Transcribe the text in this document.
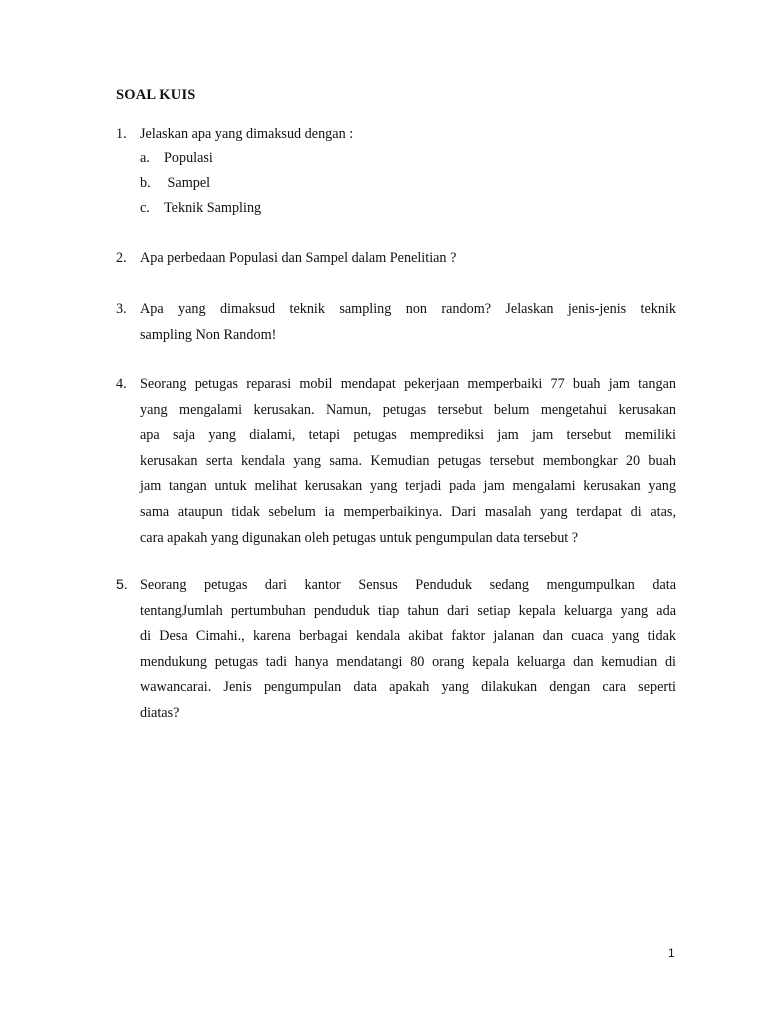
SOAL KUIS
1. Jelaskan apa yang dimaksud dengan :
a. Populasi
b. Sampel
c. Teknik Sampling
2. Apa perbedaan Populasi dan Sampel dalam Penelitian ?
3. Apa yang dimaksud teknik sampling non random? Jelaskan jenis-jenis teknik
sampling Non Random!
4. Seorang petugas reparasi mobil mendapat pekerjaan memperbaiki 77 buah jam tangan
yang mengalami kerusakan. Namun, petugas tersebut belum mengetahui kerusakan
apa saja yang dialami, tetapi petugas memprediksi jam jam tersebut memiliki
kerusakan serta kendala yang sama. Kemudian petugas tersebut membongkar 20 buah
jam tangan untuk melihat kerusakan yang terjadi pada jam mengalami kerusakan yang
sama ataupun tidak sebelum ia memperbaikinya. Dari masalah yang terdapat di atas,
cara apakah yang digunakan oleh petugas untuk pengumpulan data tersebut ?
5. Seorang petugas dari kantor Sensus Penduduk sedang mengumpulkan data
tentangJumlah pertumbuhan penduduk tiap tahun dari setiap kepala keluarga yang ada
di Desa Cimahi., karena berbagai kendala akibat faktor jalanan dan cuaca yang tidak
mendukung petugas tadi hanya mendatangi 80 orang kepala keluarga dan kemudian di
wawancarai. Jenis pengumpulan data apakah yang dilakukan dengan cara seperti
diatas?
1
